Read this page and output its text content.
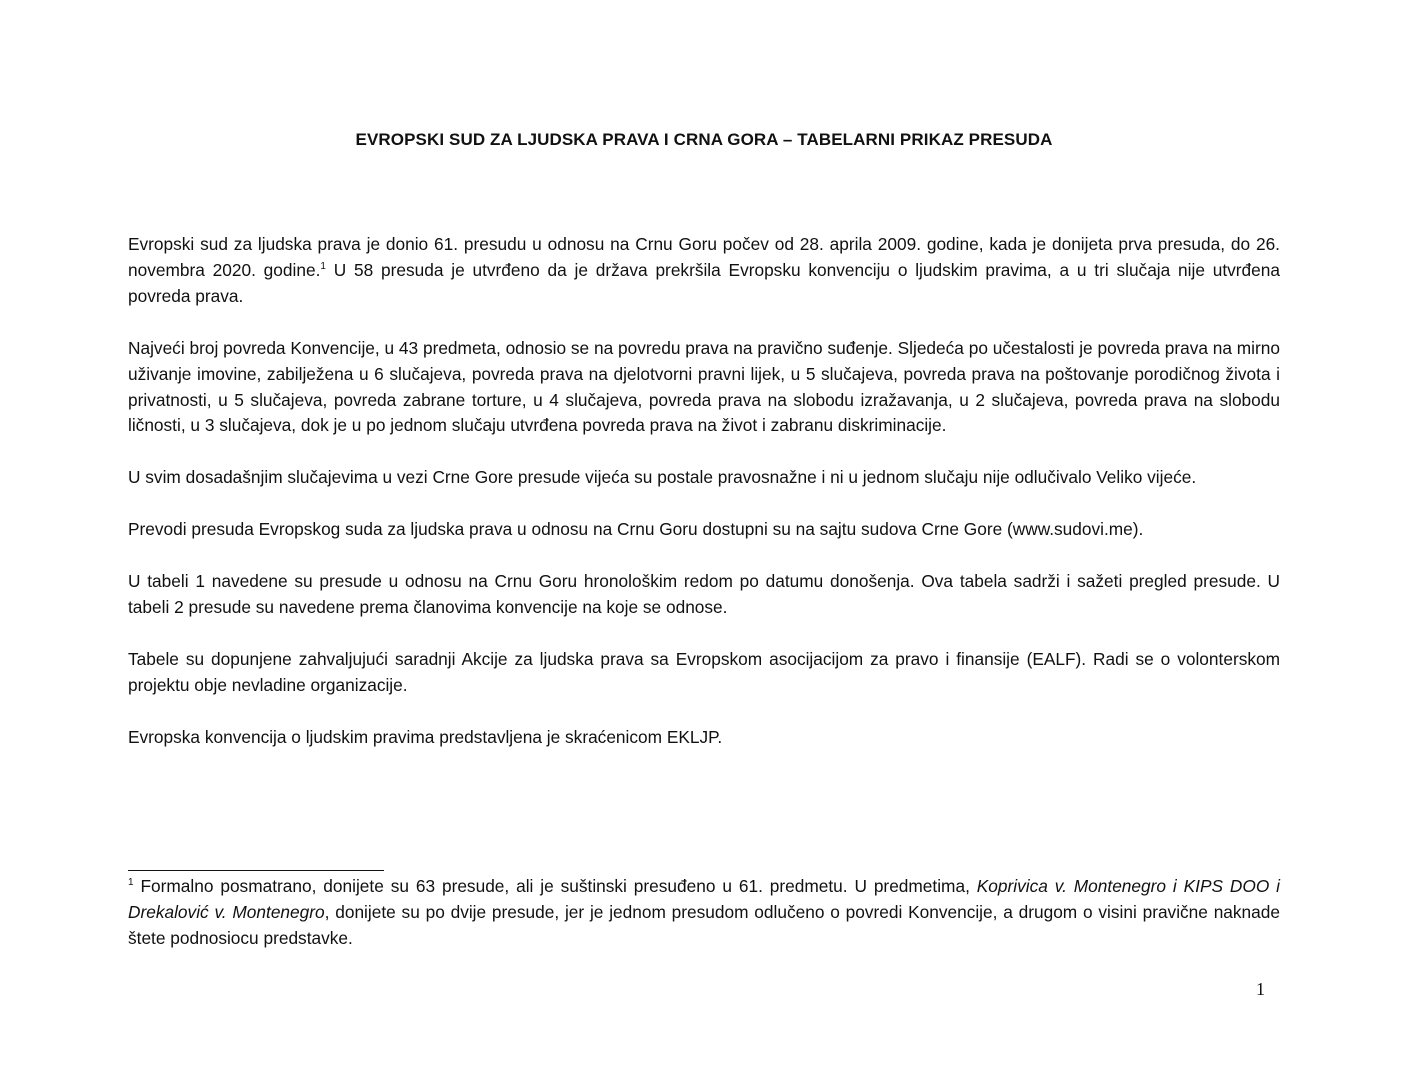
EVROPSKI SUD ZA LJUDSKA PRAVA I CRNA GORA – TABELARNI PRIKAZ PRESUDA

Evropski sud za ljudska prava je donio 61. presudu u odnosu na Crnu Goru počev od 28. aprila 2009. godine, kada je donijeta prva presuda, do 26. novembra 2020. godine.$^1$ U 58 presuda je utvrđeno da je država prekršila Evropsku konvenciju o ljudskim pravima, a u tri slučaja nije utvrđena povreda prava.

Najveći broj povreda Konvencije, u 43 predmeta, odnosio se na povredu prava na pravično suđenje. Sljedeća po učestalosti je povreda prava na mirno uživanje imovine, zabilježena u 6 slučajeva, povreda prava na djelotvorni pravni lijek, u 5 slučajeva, povreda prava na poštovanje porodičnog života i privatnosti, u 5 slučajeva, povreda zabrane torture, u 4 slučajeva, povreda prava na slobodu izražavanja, u 2 slučajeva, povreda prava na slobodu ličnosti, u 3 slučajeva, dok je u po jednom slučaju utvrđena povreda prava na život i zabranu diskriminacije.

U svim dosadašnjim slučajevima u vezi Crne Gore presude vijeća su postale pravosnažne i ni u jednom slučaju nije odlučivalo Veliko vijeće.

Prevodi presuda Evropskog suda za ljudska prava u odnosu na Crnu Goru dostupni su na sajtu sudova Crne Gore (www.sudovi.me).

U tabeli 1 navedene su presude u odnosu na Crnu Goru hronološkim redom po datumu donošenja. Ova tabela sadrži i sažeti pregled presude. U tabeli 2 presude su navedene prema članovima konvencije na koje se odnose.

Tabele su dopunjene zahvaljujući saradnji Akcije za ljudska prava sa Evropskom asocijacijom za pravo i finansije (EALF). Radi se o volonterskom projektu obje nevladine organizacije.

Evropska konvencija o ljudskim pravima predstavljena je skraćenicom EKLJP.

$^1$ Formalno posmatrano, donijete su 63 presude, ali je suštinski presuđeno u 61. predmetu. U predmetima, Koprivica v. Montenegro i KIPS DOO i Drekalović v. Montenegro, donijete su po dvije presude, jer je jednom presudom odlučeno o povredi Konvencije, a drugom o visini pravične naknade štete podnosiocu predstavke.
1
